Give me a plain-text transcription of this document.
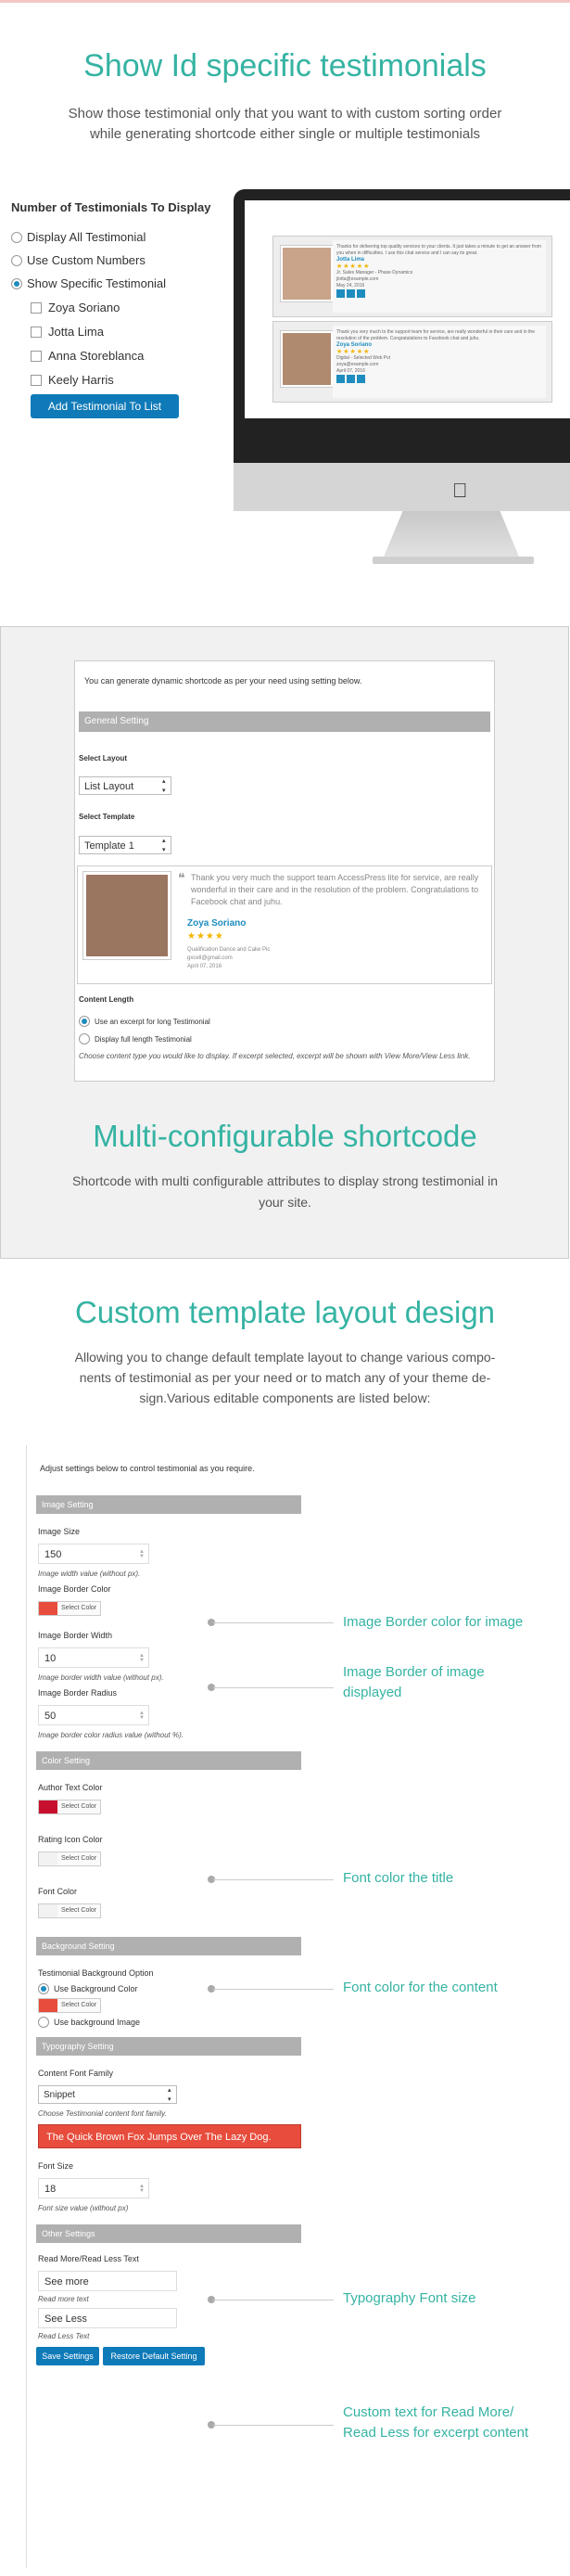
Show Id specific testimonials
Show those testimonial only that you want to with custom sorting order
while generating shortcode either single or multiple testimonials
Number of Testimonials To Display
Display All Testimonial
Use Custom Numbers
Show Specific Testimonial
Zoya Soriano
Jotta Lima
Anna Storeblanca
Keely Harris
Add Testimonial To List
Thanks for delivering top quality services to your clients. It just takes a minute to get an answer from you when in difficulties. I use this chat service and I can say its great.
Jotta Lima
★★★★★
Jr. Sales Manager - Phase Dynamics
jlotta@example.com
May 24, 2016
Thank you very much to the support team for service, are really wonderful in their care and in the resolution of the problem. Congratulations to Facebook chat and juhu.
Zoya Soriano
★★★★★
Digital - Selected Web Pvt
zoya@example.com
April 07, 2016
You can generate dynamic shortcode as per your need using setting below.
General Setting
Select Layout
List Layout ▴▾
Select Template
Template 1 ▴▾
❝ Thank you very much the support team AccessPress lite for service, are really wonderful in their care and in the resolution of the problem. Congratulations to Facebook chat and juhu.
Zoya Soriano
★★★★
Qualification Dance and Cake Pic
gxcell@gmail.com
April 07, 2016
Content Length
Use an excerpt for long Testimonial
Display full length Testimonial
Choose content type you would like to display. If excerpt selected, excerpt will be shown with View More/View Less link.
Multi-configurable shortcode
Shortcode with multi configurable attributes to display strong testimonial in
your site.
Custom template layout design
Allowing you to change default template layout to change various compo-
nents of testimonial as per your need or to match any of your theme de-
sign.Various editable components are listed below:
Adjust settings below to control testimonial as you require.
Image Setting
Image Size
150	▲
▼
Image width value (without px).
Image Border Color
Select Color
Image Border Width
10	▲
▼
Image border width value (without px).
Image Border Radius
50	▲
▼
Image border color radius value (without %).
Color Setting
Author Text Color
Select Color
Rating Icon Color
Select Color
Font Color
Select Color
Background Setting
Testimonial Background Option
Use Background Color
Select Color
Use background Image
Typography Setting
Content Font Family
Snippet ▴▾
Choose Testimonial content font family.
The Quick Brown Fox Jumps Over The Lazy Dog.
Font Size
18	▲
▼
Font size value (without px)
Other Settings
Read More/Read Less Text
See more
Read more text
See Less
Read Less Text
Save Settings	Restore Default Setting
Image Border color for image
Image Border of image
displayed
Font color the title
Font color for the content
Typography Font size
Custom text for Read More/
Read Less for excerpt content
